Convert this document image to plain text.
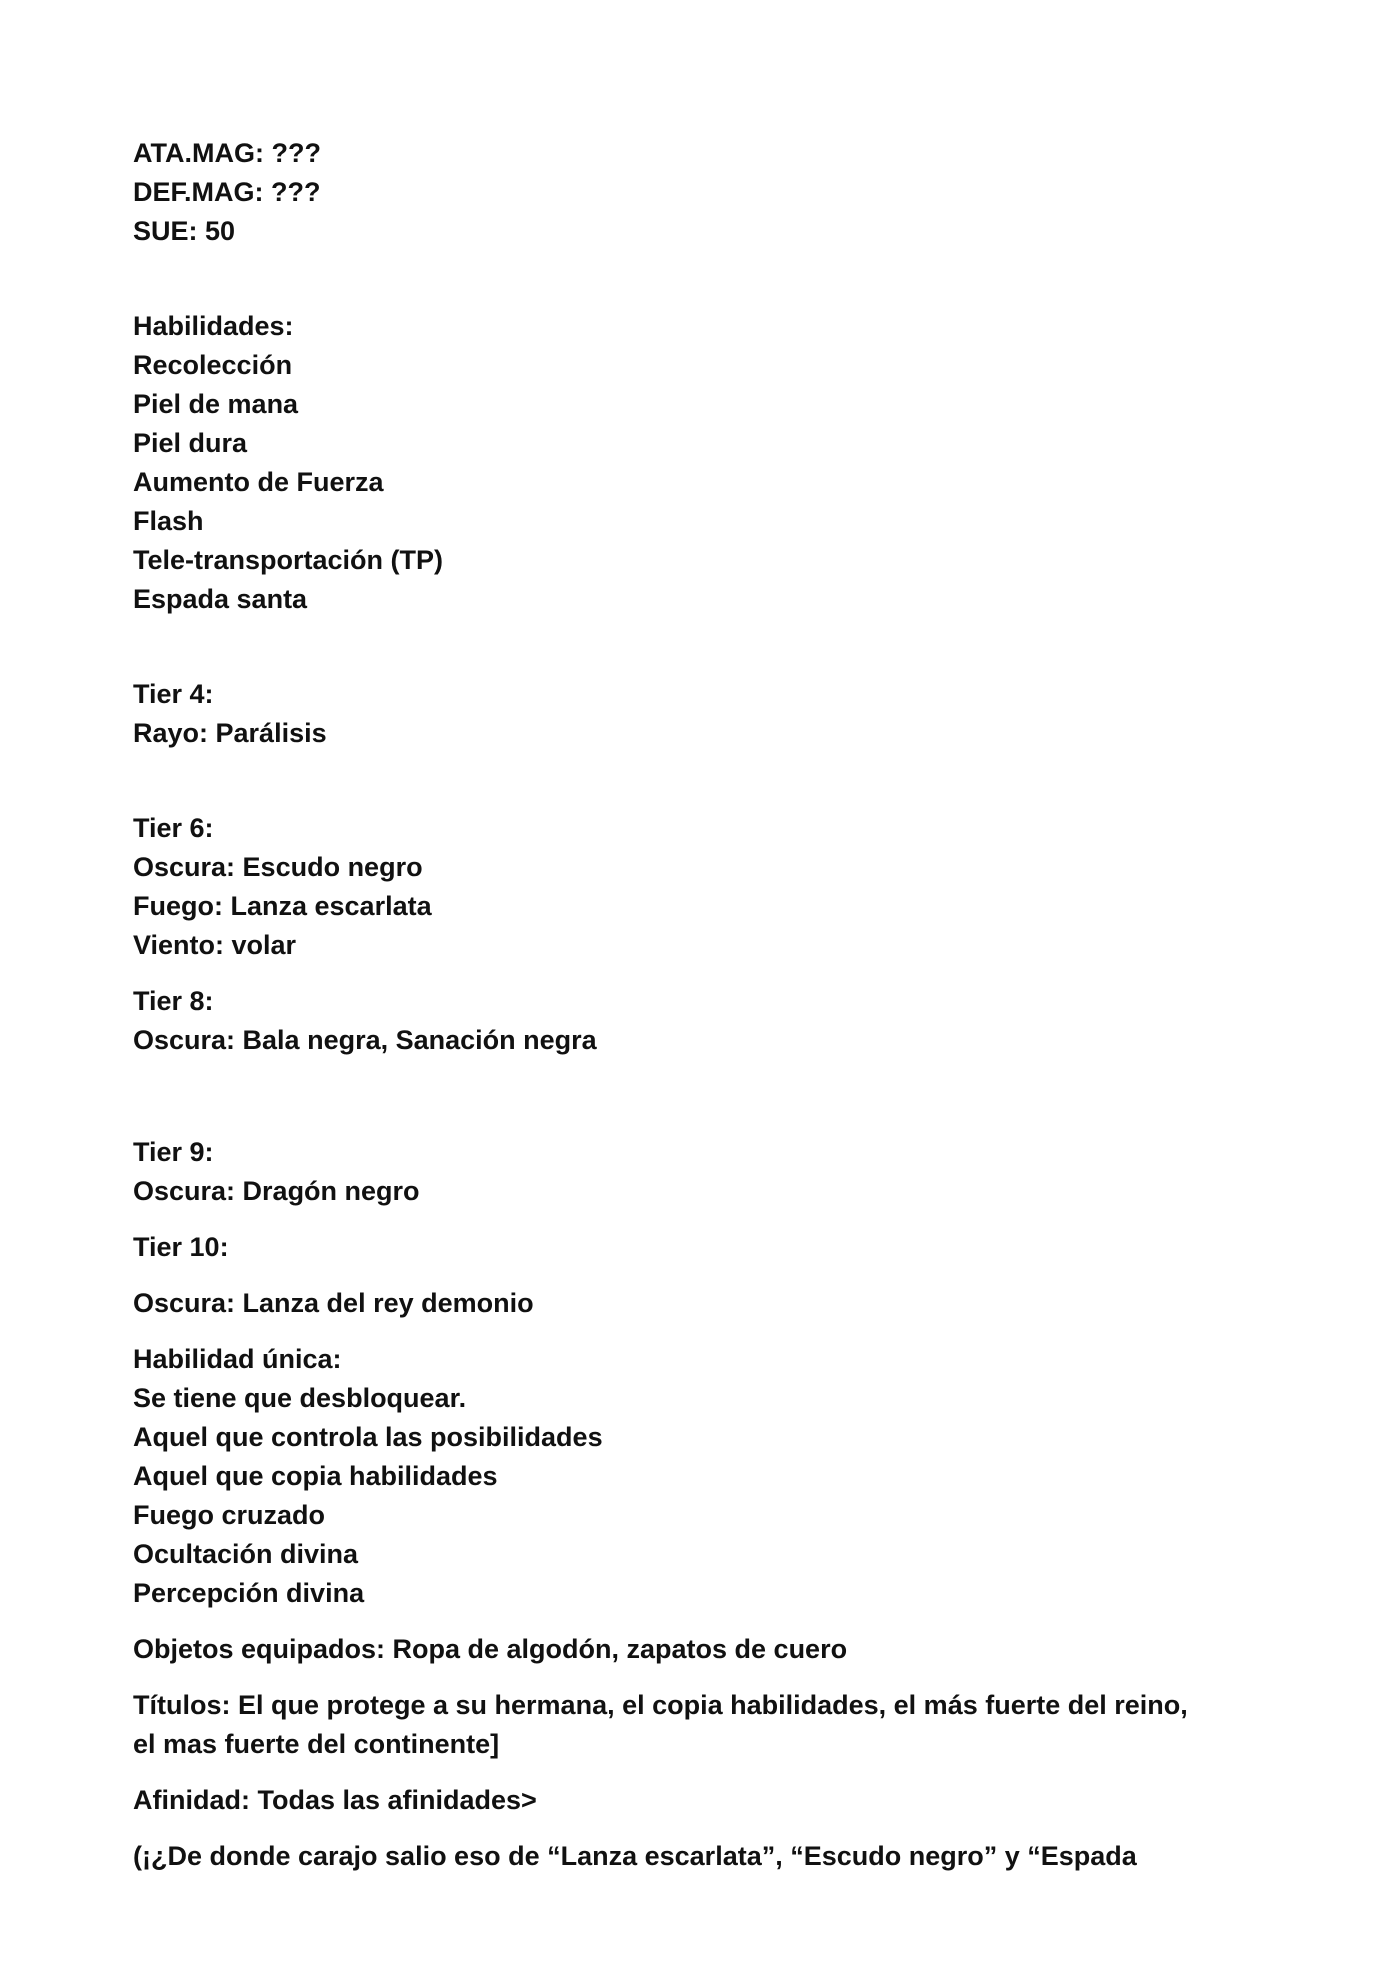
ATA.MAG: ???
DEF.MAG: ???
SUE: 50
Habilidades:
Recolección
Piel de mana
Piel dura
Aumento de Fuerza
Flash
Tele-transportación (TP)
Espada santa
Tier 4:
Rayo: Parálisis
Tier 6:
Oscura: Escudo negro
Fuego: Lanza escarlata
Viento: volar
Tier 8:
Oscura: Bala negra, Sanación negra
Tier 9:
Oscura: Dragón negro
Tier 10:
Oscura: Lanza del rey demonio
Habilidad única:
Se tiene que desbloquear.
Aquel que controla las posibilidades
Aquel que copia habilidades
Fuego cruzado
Ocultación divina
Percepción divina
Objetos equipados: Ropa de algodón, zapatos de cuero
Títulos: El que protege a su hermana, el copia habilidades, el más fuerte del reino,
el mas fuerte del continente]
Afinidad: Todas las afinidades>
(¡¿De donde carajo salio eso de “Lanza escarlata”, “Escudo negro” y “Espada
